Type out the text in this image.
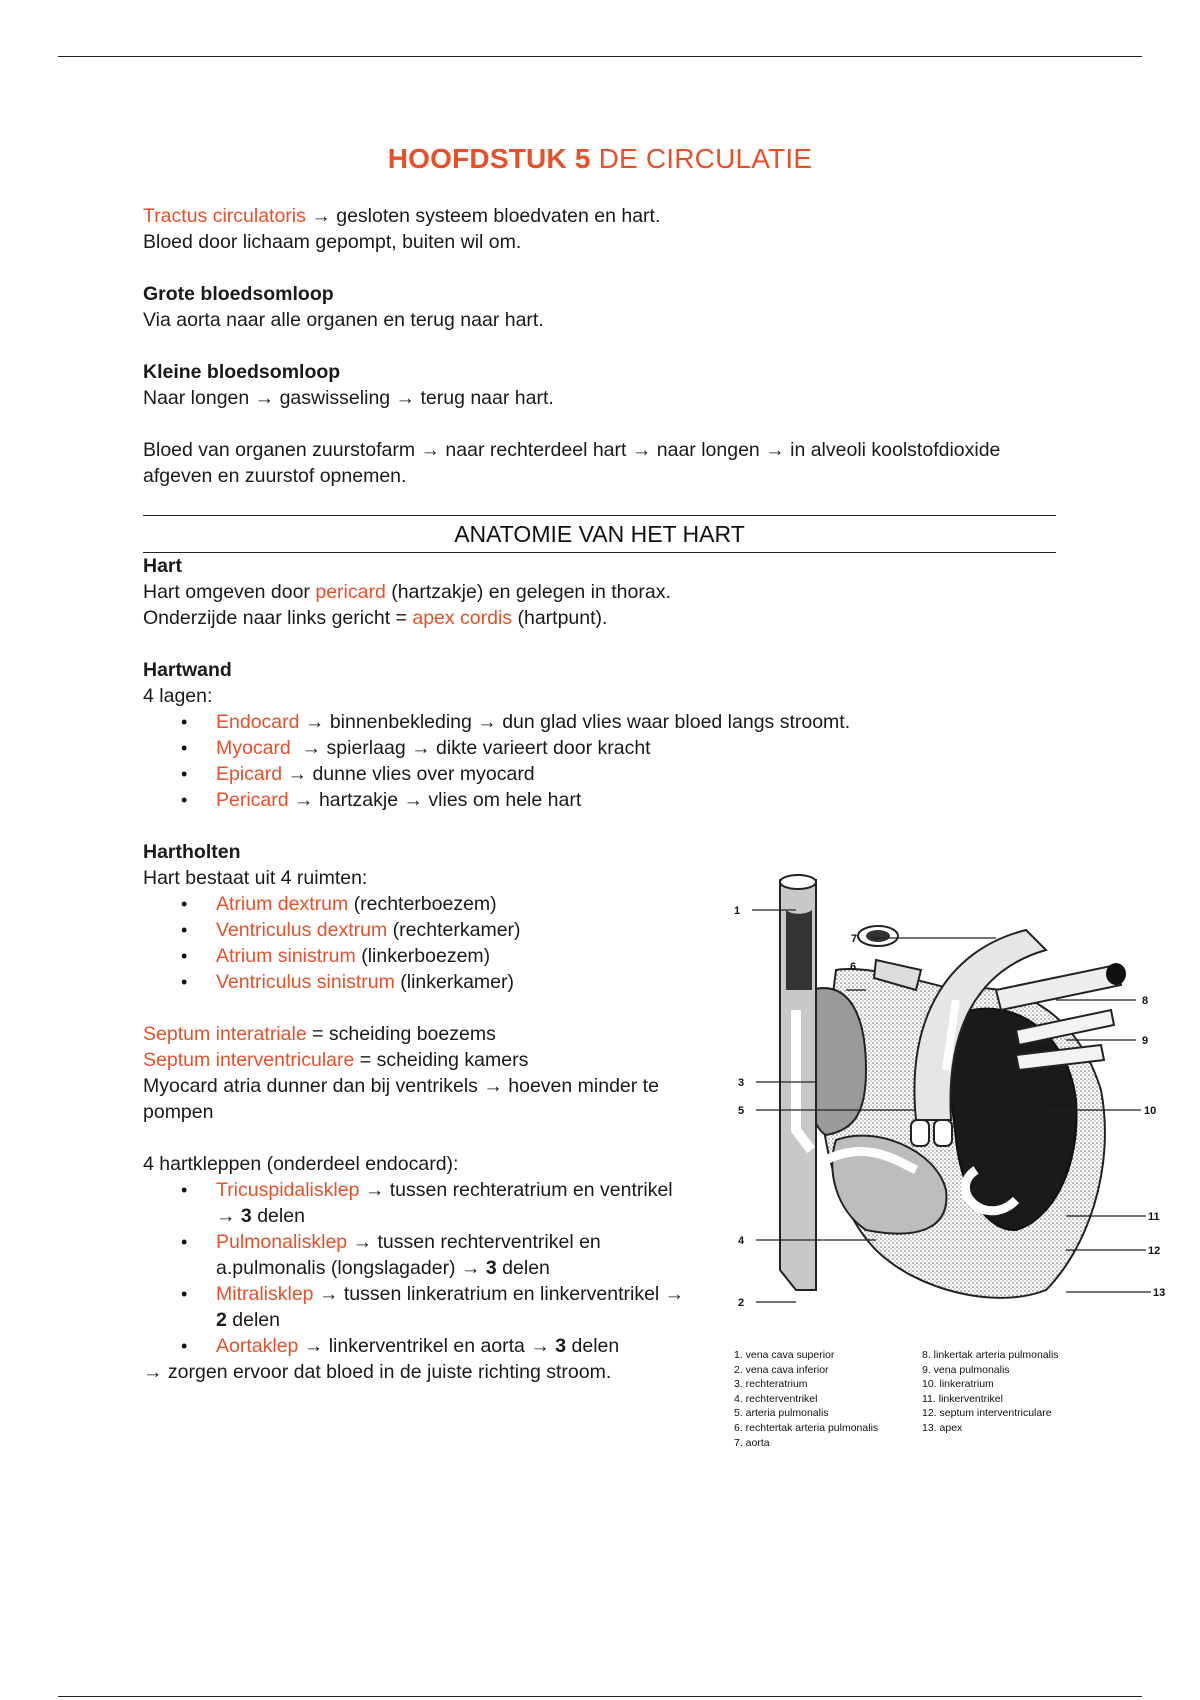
HOOFDSTUK 5 DE CIRCULATIE

Tractus circulatoris → gesloten systeem bloedvaten en hart.

Bloed door lichaam gepompt, buiten wil om.

Grote bloedsomloop

Via aorta naar alle organen en terug naar hart.

Kleine bloedsomloop

Naar longen → gaswisseling → terug naar hart.

Bloed van organen zuurstofarm → naar rechterdeel hart → naar longen → in alveoli koolstofdioxide

afgeven en zuurstof opnemen.

ANATOMIE VAN HET HART

Hart

Hart omgeven door pericard (hartzakje) en gelegen in thorax.

Onderzijde naar links gericht = apex cordis (hartpunt).

Hartwand

4 lagen:

• Endocard → binnenbekleding → dun glad vlies waar bloed langs stroomt.
• Myocard  → spierlaag → dikte varieert door kracht
• Epicard → dunne vlies over myocard
• Pericard → hartzakje → vlies om hele hart

Hartholten

Hart bestaat uit 4 ruimten:

• Atrium dextrum (rechterboezem)
• Ventriculus dextrum (rechterkamer)
• Atrium sinistrum (linkerboezem)
• Ventriculus sinistrum (linkerkamer)

Septum interatriale = scheiding boezems

Septum interventriculare = scheiding kamers

Myocard atria dunner dan bij ventrikels → hoeven minder te

pompen

4 hartkleppen (onderdeel endocard):

• Tricuspidalisklep → tussen rechteratrium en ventrikel
→ 3 delen
• Pulmonalisklep → tussen rechterventrikel en
a.pulmonalis (longslagader) → 3 delen
• Mitralisklep → tussen linkeratrium en linkerventrikel →
2 delen
• Aortaklep → linkerventrikel en aorta → 3 delen

→ zorgen ervoor dat bloed in de juiste richting stroom.

1
2
3
4
5
6
7
8
9
10
11
12
13
1. vena cava superior
2. vena cava inferior
3. rechteratrium
4. rechterventrikel
5. arteria pulmonalis
6. rechtertak arteria pulmonalis
7. aorta
8. linkertak arteria pulmonalis
9. vena pulmonalis
10. linkeratrium
11. linkerventrikel
12. septum interventriculare
13. apex
